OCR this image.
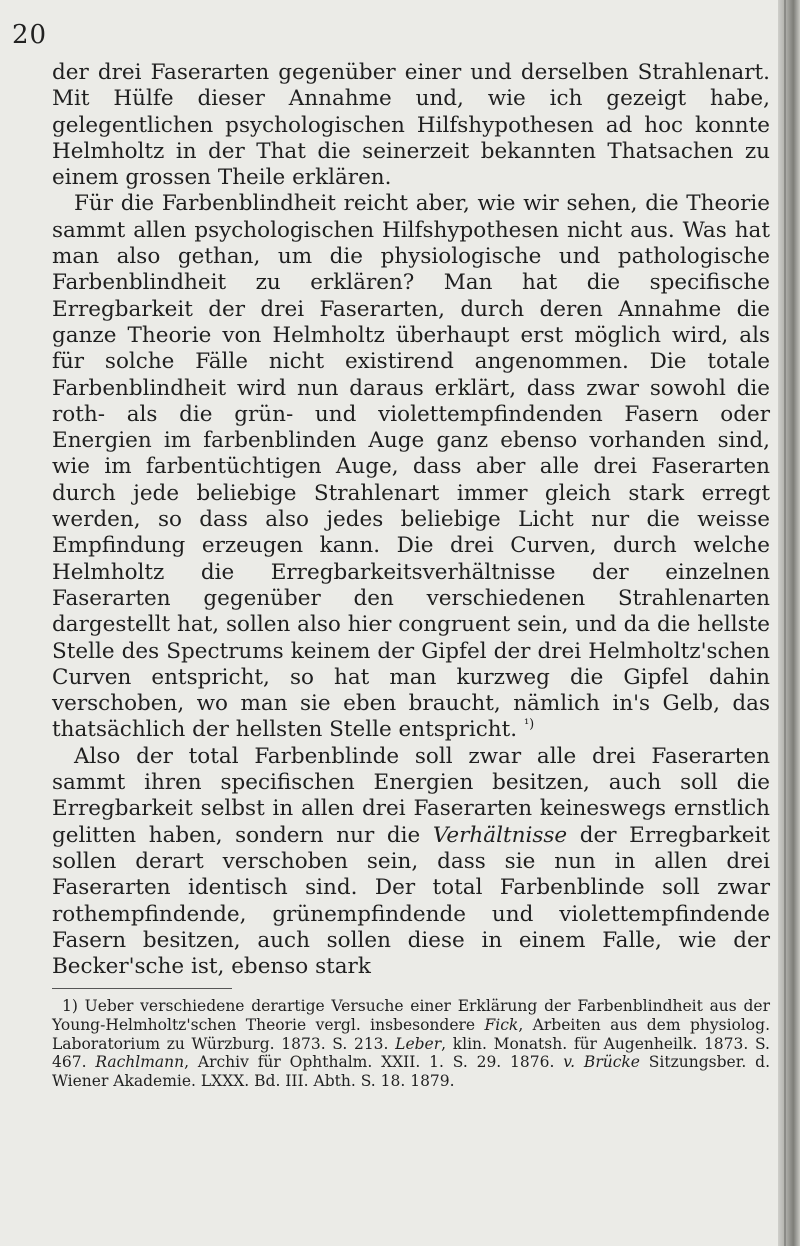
20

der drei Faserarten gegenüber einer und derselben Strahlenart. Mit Hülfe dieser Annahme und, wie ich gezeigt habe, gelegentlichen psychologischen Hilfshypothesen ad hoc konnte Helmholtz in der That die seinerzeit bekannten Thatsachen zu einem grossen Theile erklären.

Für die Farbenblindheit reicht aber, wie wir sehen, die Theorie sammt allen psychologischen Hilfshypothesen nicht aus. Was hat man also gethan, um die physiologische und pathologische Farbenblindheit zu erklären? Man hat die specifische Erregbarkeit der drei Faserarten, durch deren Annahme die ganze Theorie von Helmholtz überhaupt erst möglich wird, als für solche Fälle nicht existirend angenommen. Die totale Farbenblindheit wird nun daraus erklärt, dass zwar sowohl die roth- als die grün- und violettempfindenden Fasern oder Energien im farbenblinden Auge ganz ebenso vorhanden sind, wie im farbentüchtigen Auge, dass aber alle drei Faserarten durch jede beliebige Strahlenart immer gleich stark erregt werden, so dass also jedes beliebige Licht nur die weisse Empfindung erzeugen kann. Die drei Curven, durch welche Helmholtz die Erregbarkeitsverhältnisse der einzelnen Faserarten gegenüber den verschiedenen Strahlenarten dargestellt hat, sollen also hier congruent sein, und da die hellste Stelle des Spectrums keinem der Gipfel der drei Helmholtz'schen Curven entspricht, so hat man kurzweg die Gipfel dahin verschoben, wo man sie eben braucht, nämlich in's Gelb, das thatsächlich der hellsten Stelle entspricht. $^{^1)}$

Also der total Farbenblinde soll zwar alle drei Faserarten sammt ihren specifischen Energien besitzen, auch soll die Erregbarkeit selbst in allen drei Faserarten keineswegs ernstlich gelitten haben, sondern nur die Verhältnisse der Erregbarkeit sollen derart verschoben sein, dass sie nun in allen drei Faserarten identisch sind. Der total Farbenblinde soll zwar rothempfindende, grünempfindende und violettempfindende Fasern besitzen, auch sollen diese in einem Falle, wie der Becker'sche ist, ebenso stark

1) Ueber verschiedene derartige Versuche einer Erklärung der Farbenblindheit aus der Young-Helmholtz'schen Theorie vergl. insbesondere Fick, Arbeiten aus dem physiolog. Laboratorium zu Würzburg. 1873. S. 213. Leber, klin. Monatsh. für Augenheilk. 1873. S. 467. Rachlmann, Archiv für Ophthalm. XXII. 1. S. 29. 1876. v. Brücke Sitzungsber. d. Wiener Akademie. LXXX. Bd. III. Abth. S. 18. 1879.
